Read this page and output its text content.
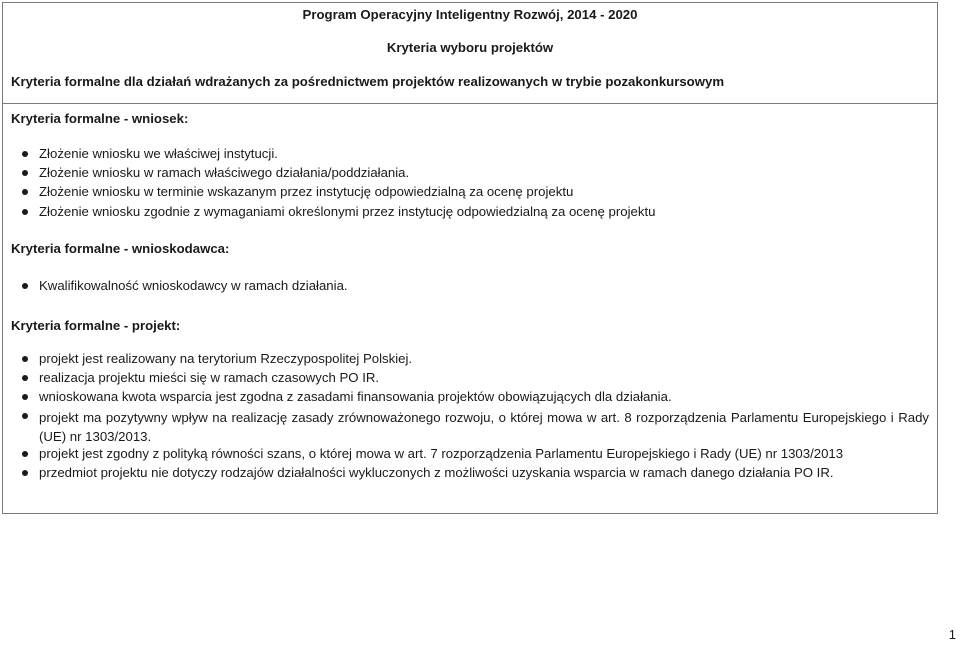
Program Operacyjny Inteligentny Rozwój, 2014 - 2020
Kryteria wyboru projektów
Kryteria formalne dla działań wdrażanych za pośrednictwem projektów realizowanych w trybie pozakonkursowym
Kryteria formalne - wniosek:
Złożenie wniosku we właściwej instytucji.
Złożenie wniosku w ramach właściwego działania/poddziałania.
Złożenie wniosku w terminie wskazanym przez instytucję odpowiedzialną za ocenę projektu
Złożenie wniosku zgodnie z wymaganiami określonymi przez instytucję odpowiedzialną za ocenę projektu
Kryteria formalne - wnioskodawca:
Kwalifikowalność wnioskodawcy w ramach działania.
Kryteria formalne - projekt:
projekt jest realizowany na terytorium Rzeczypospolitej Polskiej.
realizacja projektu mieści się w ramach czasowych PO IR.
wnioskowana kwota wsparcia jest zgodna z zasadami finansowania projektów obowiązujących dla działania.
projekt ma pozytywny wpływ na realizację zasady zrównoważonego rozwoju, o której mowa w art. 8 rozporządzenia Parlamentu Europejskiego i Rady (UE) nr 1303/2013.
projekt jest zgodny z polityką równości szans, o której mowa w art. 7 rozporządzenia Parlamentu Europejskiego i Rady (UE) nr 1303/2013
przedmiot projektu nie dotyczy rodzajów działalności wykluczonych z możliwości uzyskania wsparcia w ramach danego działania PO IR.
1
